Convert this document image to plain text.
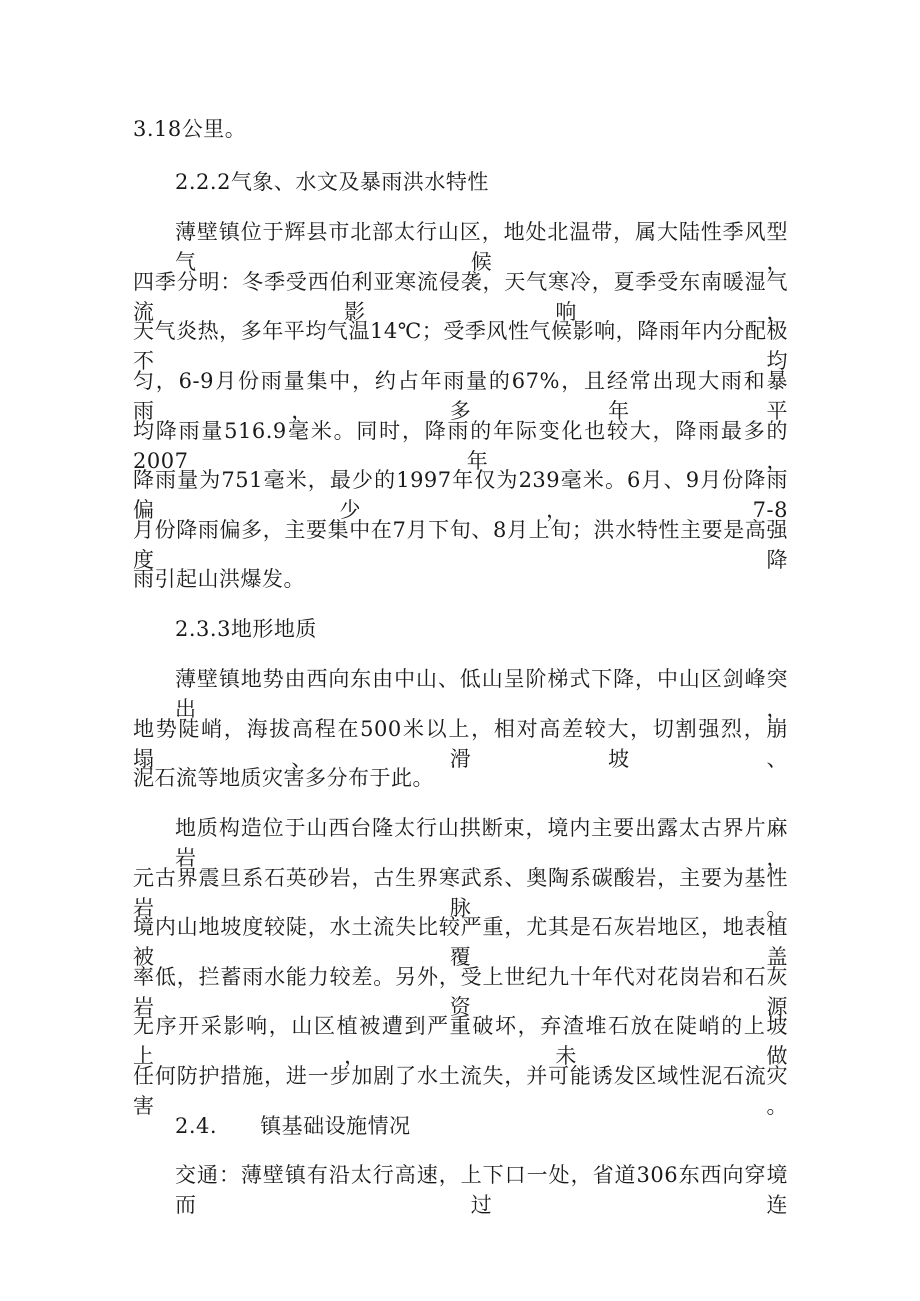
3.18公里。
2.2.2气象、水文及暴雨洪水特性
薄壁镇位于辉县市北部太行山区，地处北温带，属大陆性季风型气候，
四季分明：冬季受西伯利亚寒流侵袭，天气寒冷，夏季受东南暖湿气流影响，
天气炎热，多年平均气温14℃；受季风性气候影响，降雨年内分配极不均
匀，6-9月份雨量集中，约占年雨量的67%，且经常出现大雨和暴雨，多年平
均降雨量516.9毫米。同时，降雨的年际变化也较大，降雨最多的2007年，
降雨量为751毫米，最少的1997年仅为239毫米。6月、9月份降雨偏少，7-8
月份降雨偏多，主要集中在7月下旬、8月上旬；洪水特性主要是高强度降
雨引起山洪爆发。
2.3.3地形地质
薄壁镇地势由西向东由中山、低山呈阶梯式下降，中山区剑峰突出，
地势陡峭，海拔高程在500米以上，相对高差较大，切割强烈，崩塌、滑坡、
泥石流等地质灾害多分布于此。
地质构造位于山西台隆太行山拱断束，境内主要出露太古界片麻岩，
元古界震旦系石英砂岩，古生界寒武系、奥陶系碳酸岩，主要为基性岩脉。
境内山地坡度较陡，水土流失比较严重，尤其是石灰岩地区，地表植被覆盖
率低，拦蓄雨水能力较差。另外，受上世纪九十年代对花岗岩和石灰岩资源
无序开采影响，山区植被遭到严重破坏，弃渣堆石放在陡峭的上坡上，未做
任何防护措施，进一步加剧了水土流失，并可能诱发区域性泥石流灾害。
2.4.　　镇基础设施情况
交通：薄壁镇有沿太行高速，上下口一处，省道306东西向穿境而过连
